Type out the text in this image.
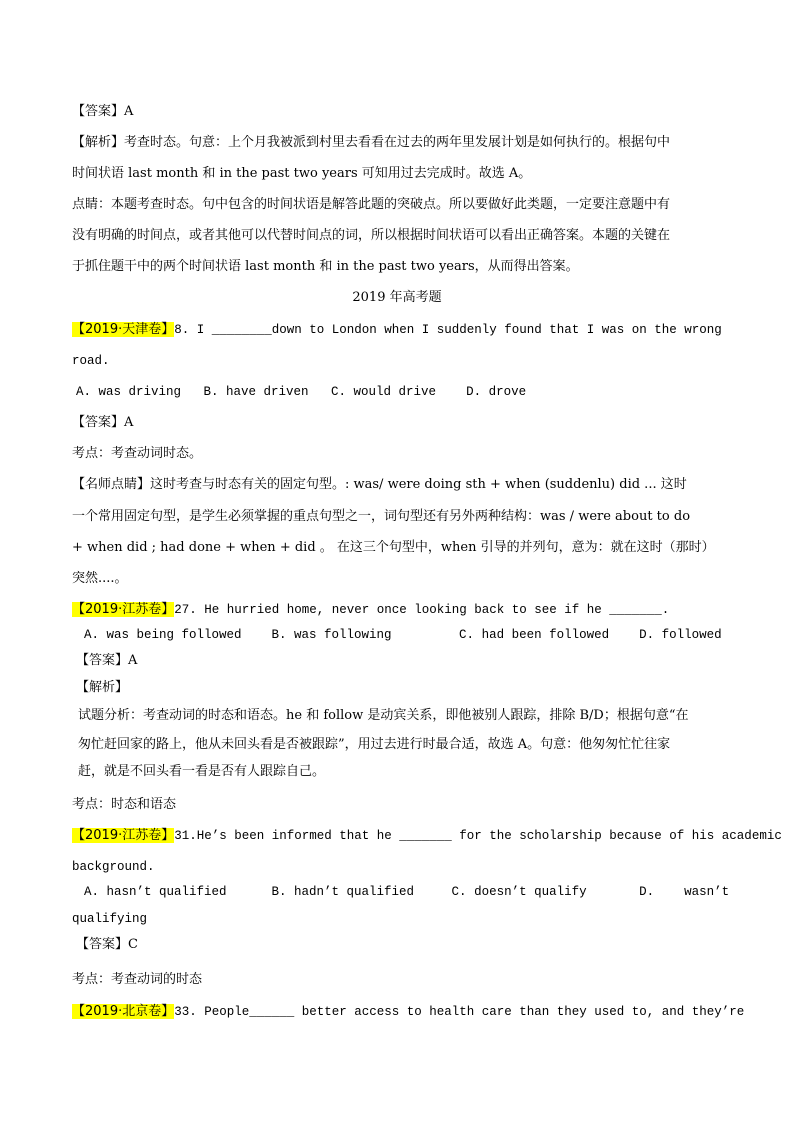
【答案】A
【解析】考查时态。句意：上个月我被派到村里去看看在过去的两年里发展计划是如何执行的。根据句中
时间状语 last month 和 in the past two years 可知用过去完成时。故选 A。
点睛：本题考查时态。句中包含的时间状语是解答此题的突破点。所以要做好此类题，一定要注意题中有
没有明确的时间点，或者其他可以代替时间点的词，所以根据时间状语可以看出正确答案。本题的关键在
于抓住题干中的两个时间状语 last month 和 in the past two years，从而得出答案。
2019 年高考题
【2019·天津卷】8. I ________down to London when I suddenly found that I was on the wrong
road.
A. was driving   B. have driven   C. would drive    D. drove
【答案】A
考点：考查动词时态。
【名师点睛】这时考查与时态有关的固定句型。: was/ were doing sth + when (suddenlu) did ... 这时
一个常用固定句型，是学生必须掌握的重点句型之一，词句型还有另外两种结构：was / were about to do
+ when did ; had done + when + did 。 在这三个句型中，when 引导的并列句，意为：就在这时（那时）
突然....。
【2019·江苏卷】27. He hurried home, never once looking back to see if he _______.
A. was being followed    B. was following         C. had been followed    D. followed
【答案】A
【解析】
试题分析：考查动词的时态和语态。he 和 follow 是动宾关系，即他被别人跟踪，排除 B/D；根据句意“在
匆忙赶回家的路上，他从未回头看是否被跟踪”，用过去进行时最合适，故选 A。句意：他匆匆忙忙往家
赶，就是不回头看一看是否有人跟踪自己。
考点：时态和语态
【2019·江苏卷】31.He’s been informed that he _______ for the scholarship because of his academic
background.
A. hasn’t qualified      B. hadn’t qualified     C. doesn’t qualify       D.    wasn’t
qualifying
【答案】C
考点：考查动词的时态
【2019·北京卷】33. People______ better access to health care than they used to, and they’re
